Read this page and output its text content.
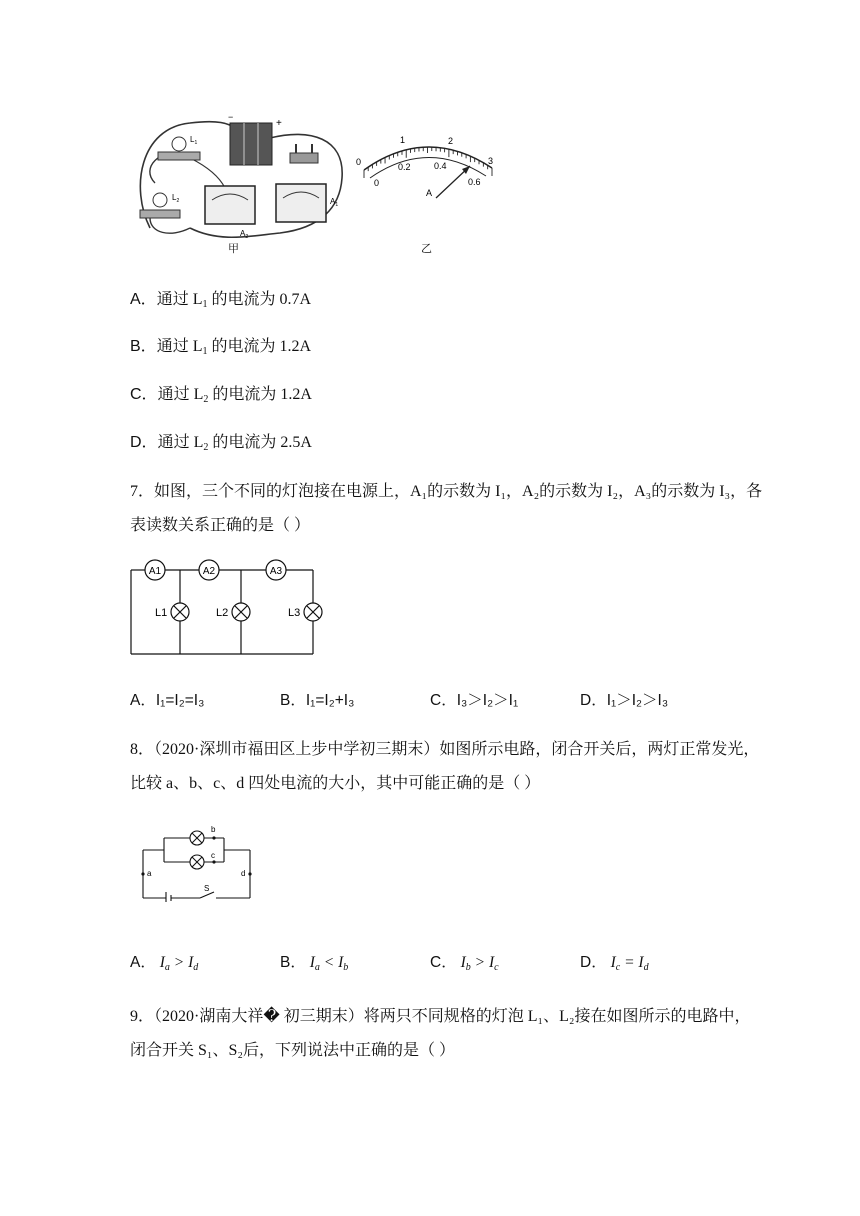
$L_1$
$L_2$
−
+
$A_2$
$A_1$
甲
1	2
3
0
0
0.2	0.4
0.6
A
乙
A．通过 $L_1$ 的电流为 0.7A
B．通过 $L_1$ 的电流为 1.2A
C．通过 $L_2$ 的电流为 1.2A
D．通过 $L_2$ 的电流为 2.5A
7．如图，三个不同的灯泡接在电源上，A₁的示数为 I₁，A₂的示数为 I₂，A₃的示数为 I₃，各
表读数关系正确的是（ ）
A1	A2	A3
L1	L2	L3
A．I₁=I₂=I₃	B．I₁=I₂+I₃	C．I₃＞I₂＞I₁	D．I₁＞I₂＞I₃
8．（2020·深圳市福田区上步中学初三期末）如图所示电路，闭合开关后，两灯正常发光，
比较 a、b、c、d 四处电流的大小，其中可能正确的是（ ）
a
b
c
d
S
A． $I_a > I_d$	B． $I_a < I_b$	C． $I_b > I_c$	D． $I_c = I_d$
9．（2020·湖南大祥� 初三期末）将两只不同规格的灯泡 L₁、L₂接在如图所示的电路中，
闭合开关 S₁、S₂后，下列说法中正确的是（ ）
